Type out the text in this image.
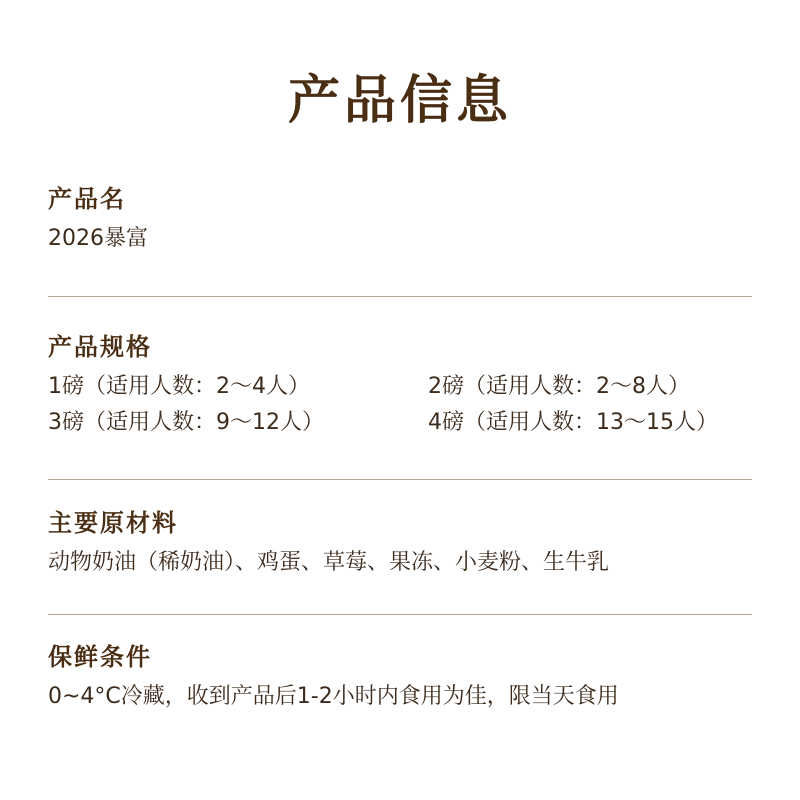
产品信息
产品名
2026暴富
产品规格
1磅（适用人数：2～4人）	2磅（适用人数：2～8人）
3磅（适用人数：9～12人）	4磅（适用人数：13～15人）
主要原材料
动物奶油（稀奶油）、鸡蛋、草莓、果冻、小麦粉、生牛乳
保鲜条件
0~4°C冷藏，收到产品后1-2小时内食用为佳，限当天食用
